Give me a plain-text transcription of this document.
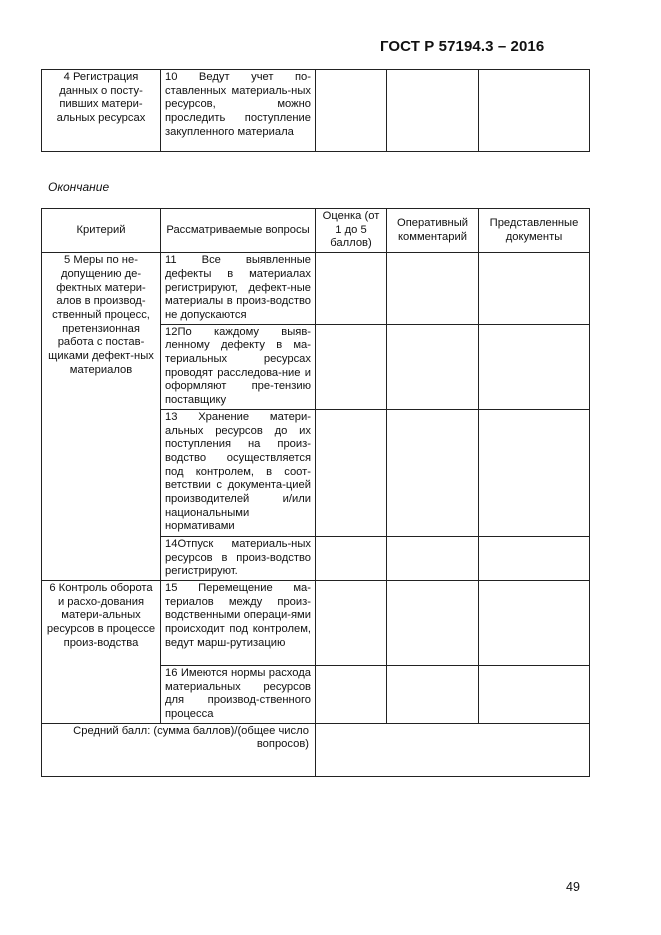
ГОСТ Р 57194.3 – 2016
4 Регистрация данных о посту-пивших матери-альных ресурсах	10 Ведут учет по-ставленных материаль-ных ресурсов, можно проследить поступление закупленного материала			
Окончание
Критерий	Рассматриваемые вопросы	Оценка (от 1 до 5 баллов)	Оперативный комментарий	Представленные документы
5 Меры по не-допущению де-фектных матери-алов в производ-ственный процесс, претензионная работа с постав-щиками дефект-ных материалов	11 Все выявленные дефекты в материалах регистрируют, дефект-ные материалы в произ-водство не допускаются			
	12По каждому выяв-ленному дефекту в ма-териальных ресурсах проводят расследова-ние и оформляют пре-тензию поставщику			
	13 Хранение матери-альных ресурсов до их поступления на произ-водство осуществляется под контролем, в соот-ветствии с документа-цией производителей и/или национальными нормативами			
	14Отпуск материаль-ных ресурсов в произ-водство регистрируют.			
6 Контроль оборота и расхо-дования матери-альных ресурсов в процессе произ-водства	15 Перемещение ма-териалов между произ-водственными операци-ями происходит под контролем, ведут марш-рутизацию			
	16 Имеются нормы расхода материальных ресурсов для производ-ственного процесса			
Средний балл: (сумма баллов)/(общее число вопросов)				
49
